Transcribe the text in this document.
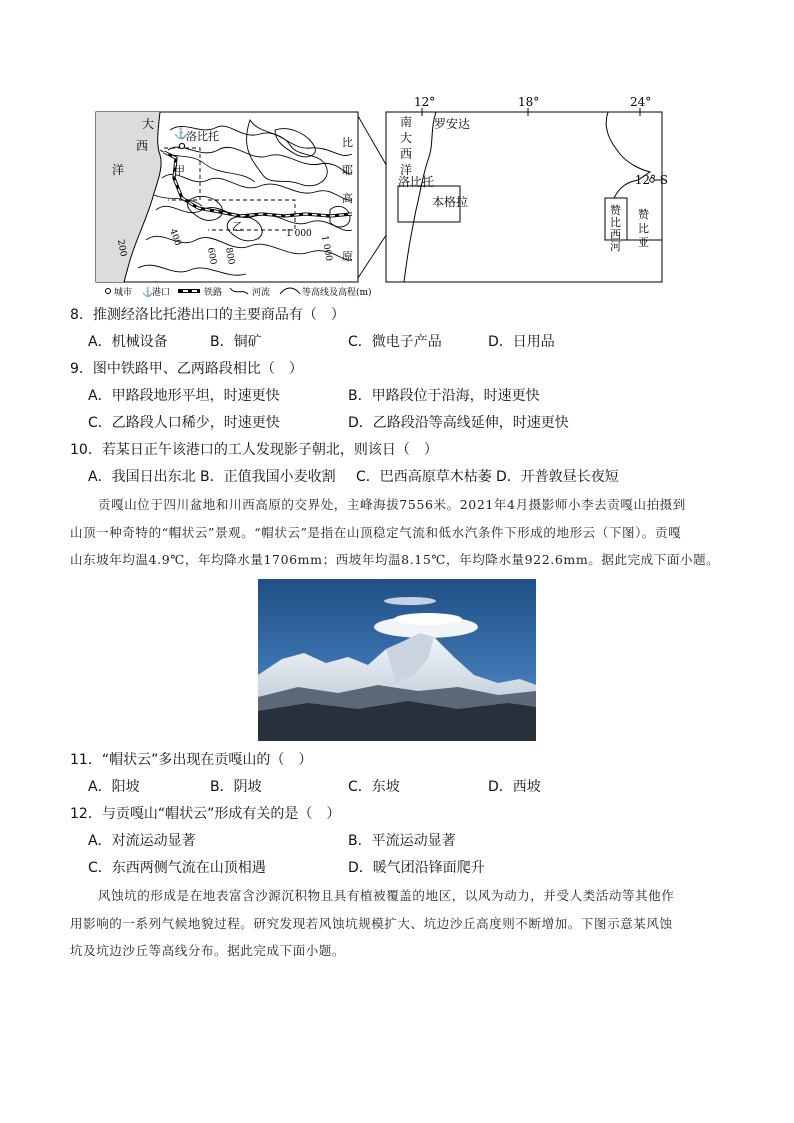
⚓
大
西
洋
洛比托
甲
乙
比
耶
高
原
200
400
600 800
1 000
1 000
12°	18°	24°
12° S
罗安达
南
大
西
洋
洛比托
本格拉
赞
比
西
河
赞
比
亚
城市 ⚓
港口	铁路	河流	等高线及高程(m)
8．推测经洛比托港出口的主要商品有（　）
A．机械设备	B．铜矿	C．微电子产品	D．日用品
9．图中铁路甲、乙两路段相比（　）
A．甲路段地形平坦，时速更快	B．甲路段位于沿海，时速更快
C．乙路段人口稀少，时速更快	D．乙路段沿等高线延伸，时速更快
10．若某日正午该港口的工人发现影子朝北，则该日（　）
A．我国日出东北 B．正值我国小麦收割 C．巴西高原草木枯萎 D．开普敦昼长夜短
贡嘎山位于四川盆地和川西高原的交界处，主峰海拔7556米。2021年4月摄影师小李去贡嘎山拍摄到
山顶一种奇特的“帽状云”景观。“帽状云”是指在山顶稳定气流和低水汽条件下形成的地形云（下图）。贡嘎
山东坡年均温4.9℃，年均降水量1706mm；西坡年均温8.15℃，年均降水量922.6mm。据此完成下面小题。
11．“帽状云”多出现在贡嘎山的（　）
A．阳坡	B．阴坡	C．东坡	D．西坡
12．与贡嘎山“帽状云”形成有关的是（　）
A．对流运动显著	B．平流运动显著
C．东西两侧气流在山顶相遇	D．暖气团沿锋面爬升
风蚀坑的形成是在地表富含沙源沉积物且具有植被覆盖的地区，以风为动力，并受人类活动等其他作
用影响的一系列气候地貌过程。研究发现若风蚀坑规模扩大、坑边沙丘高度则不断增加。下图示意某风蚀
坑及坑边沙丘等高线分布。据此完成下面小题。
